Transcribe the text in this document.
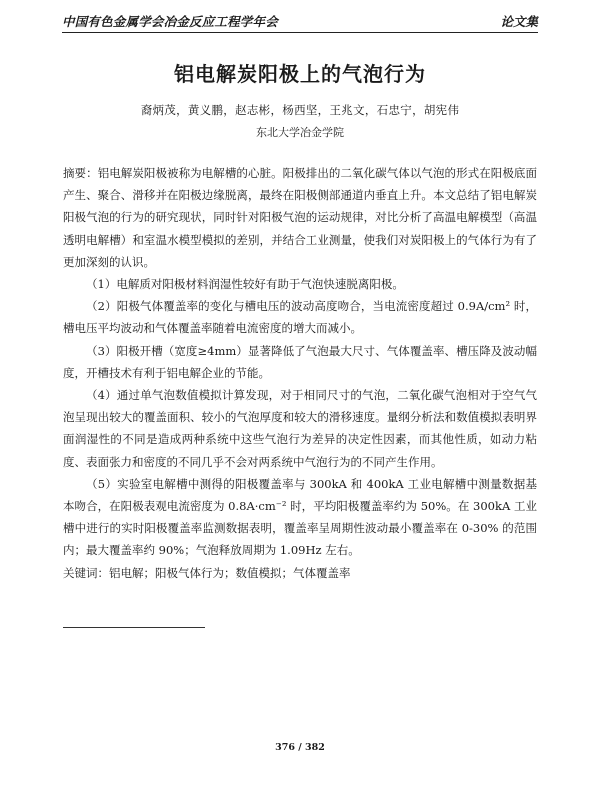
中国有色金属学会冶金反应工程学年会	论文集
铝电解炭阳极上的气泡行为
裔炳茂，黄义鹏，赵志彬，杨西坚，王兆文，石忠宁，胡宪伟
东北大学冶金学院

摘要：铝电解炭阳极被称为电解槽的心脏。阳极排出的二氧化碳气体以气泡的形式在阳极底面产生、聚合、滑移并在阳极边缘脱离，最终在阳极侧部通道内垂直上升。本文总结了铝电解炭阳极气泡的行为的研究现状，同时针对阳极气泡的运动规律，对比分析了高温电解模型（高温透明电解槽）和室温水模型模拟的差别，并结合工业测量，使我们对炭阳极上的气体行为有了更加深刻的认识。

（1）电解质对阳极材料润湿性较好有助于气泡快速脱离阳极。

（2）阳极气体覆盖率的变化与槽电压的波动高度吻合，当电流密度超过 0.9A/cm² 时，槽电压平均波动和气体覆盖率随着电流密度的增大而减小。

（3）阳极开槽（宽度≥4mm）显著降低了气泡最大尺寸、气体覆盖率、槽压降及波动幅度，开槽技术有利于铝电解企业的节能。

（4）通过单气泡数值模拟计算发现，对于相同尺寸的气泡，二氧化碳气泡相对于空气气泡呈现出较大的覆盖面积、较小的气泡厚度和较大的滑移速度。量纲分析法和数值模拟表明界面润湿性的不同是造成两种系统中这些气泡行为差异的决定性因素，而其他性质，如动力粘度、表面张力和密度的不同几乎不会对两系统中气泡行为的不同产生作用。

（5）实验室电解槽中测得的阳极覆盖率与 300kA 和 400kA 工业电解槽中测量数据基本吻合，在阳极表观电流密度为 0.8A·cm⁻² 时，平均阳极覆盖率约为 50%。在 300kA 工业槽中进行的实时阳极覆盖率监测数据表明，覆盖率呈周期性波动最小覆盖率在 0-30% 的范围内；最大覆盖率约 90%；气泡释放周期为 1.09Hz 左右。

关键词：铝电解；阳极气体行为；数值模拟；气体覆盖率

376 / 382
